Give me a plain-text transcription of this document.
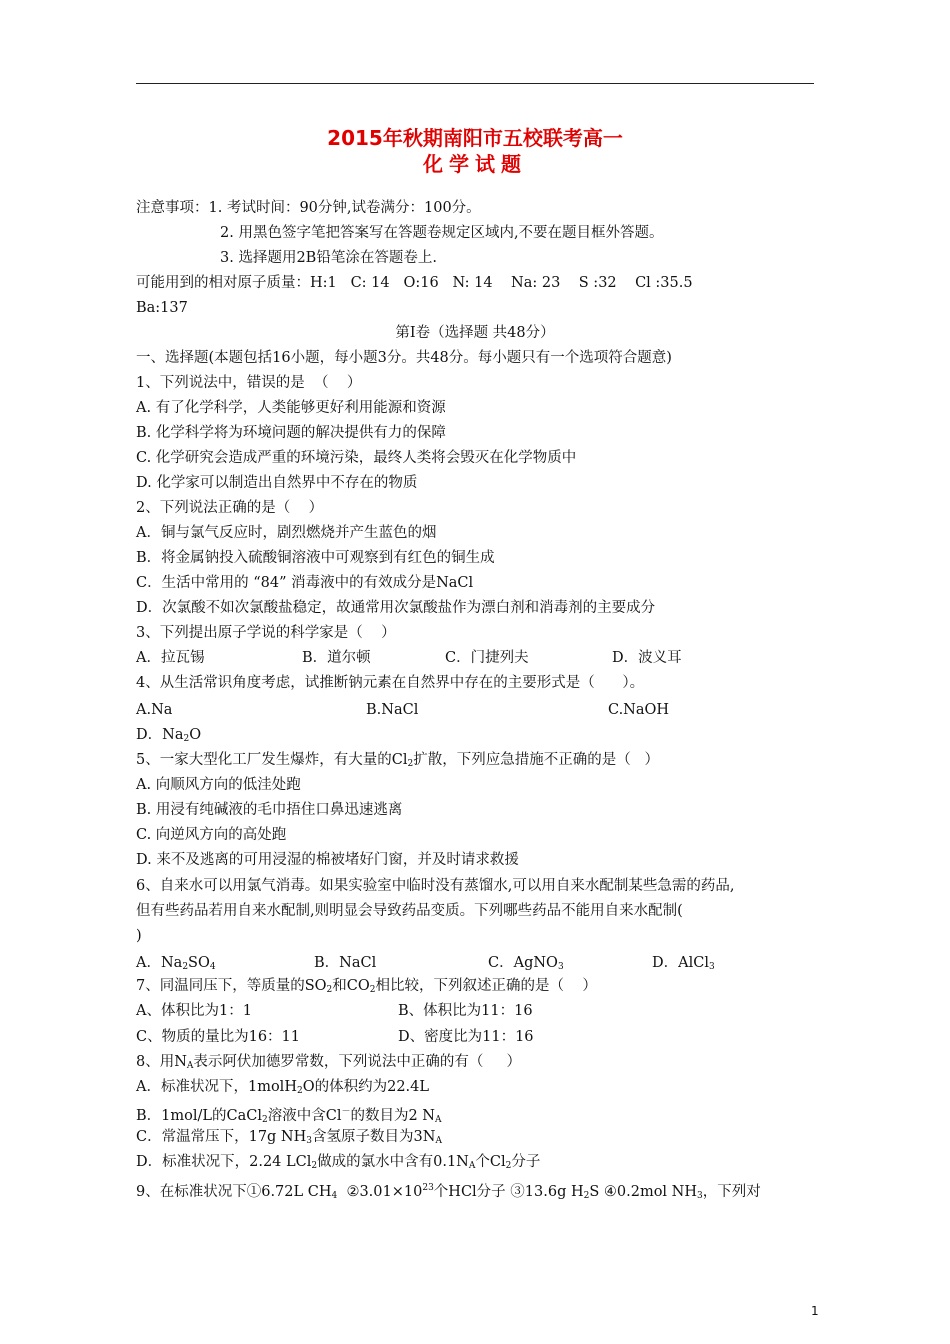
2015年秋期南阳市五校联考高一
化学试题
注意事项：1. 考试时间：90分钟,试卷满分：100分。
2. 用黑色签字笔把答案写在答题卷规定区域内,不要在题目框外答题。
3. 选择题用2B铅笔涂在答题卷上.
可能用到的相对原子质量：H:1   C: 14   O:16   N: 14    Na: 23    S :32    Cl :35.5
Ba:137
第Ⅰ卷（选择题 共48分）
一、选择题(本题包括16小题，每小题3分。共48分。每小题只有一个选项符合题意)
1、下列说法中，错误的是  （    ）
A. 有了化学科学，人类能够更好利用能源和资源
B. 化学科学将为环境问题的解决提供有力的保障
C. 化学研究会造成严重的环境污染，最终人类将会毁灭在化学物质中
D. 化学家可以制造出自然界中不存在的物质
2、下列说法正确的是（    ）
A．铜与氯气反应时，剧烈燃烧并产生蓝色的烟
B．将金属钠投入硫酸铜溶液中可观察到有红色的铜生成
C．生活中常用的 “84” 消毒液中的有效成分是NaCl
D．次氯酸不如次氯酸盐稳定，故通常用次氯酸盐作为漂白剂和消毒剂的主要成分
3、下列提出原子学说的科学家是（    ）
A．拉瓦锡	B．道尔顿	C．门捷列夫	D．波义耳
4、从生活常识角度考虑，试推断钠元素在自然界中存在的主要形式是（      ）。
A.Na	B.NaCl	C.NaOH
D．$Na_2O$
5、一家大型化工厂发生爆炸，有大量的$Cl_2$扩散，下列应急措施不正确的是（   ）
A. 向顺风方向的低洼处跑
B. 用浸有纯碱液的毛巾捂住口鼻迅速逃离
C. 向逆风方向的高处跑
D. 来不及逃离的可用浸湿的棉被堵好门窗，并及时请求救援
6、自来水可以用氯气消毒。如果实验室中临时没有蒸馏水,可以用自来水配制某些急需的药品,
但有些药品若用自来水配制,则明显会导致药品变质。下列哪些药品不能用自来水配制(
)
A．$Na_2SO_4$	B．NaCl	C．AgNO$_3$	D．AlCl$_3$
7、同温同压下，等质量的$SO_2$和$CO_2$相比较，下列叙述正确的是（    ）
A、体积比为1：1	B、体积比为11：16
C、物质的量比为16：11	D、密度比为11：16
8、用$N_A$表示阿伏加德罗常数，下列说法中正确的有（     ）
A．标准状况下，1molH$_2$O的体积约为22.4L
B．1mol/L的CaCl$_2$溶液中含Cl－的数目为2 $N_A$
C．常温常压下，17g $NH_3$含氢原子数目为$3N_A$
D．标准状况下，2.24 LCl$_2$做成的氯水中含有$0.1N_A$个$Cl_2$分子
9、在标准状况下①6.72L $CH_4$  $②3.01\times 10^{23}$个HCl分子 ③13.6g $H_2S$ ④0.2mol $NH_3$，下列对
1
